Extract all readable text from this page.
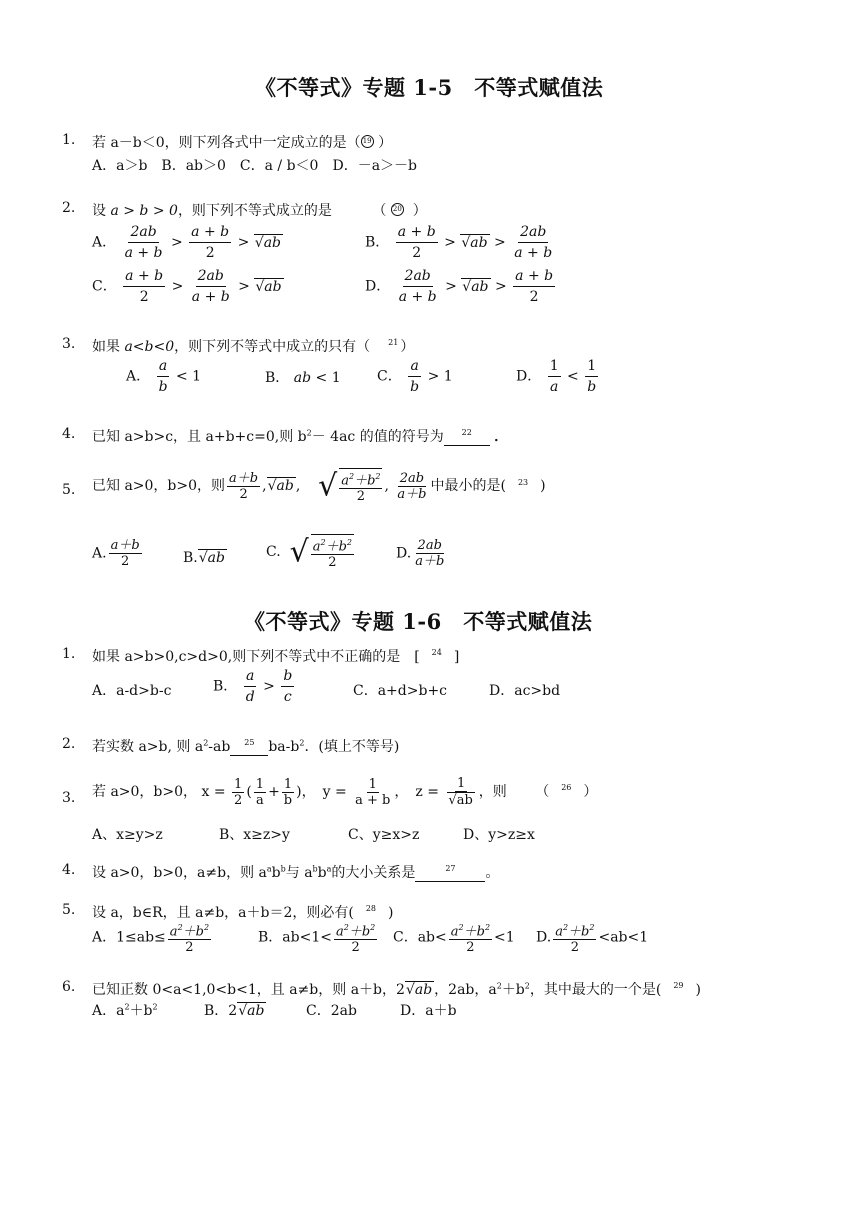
《不等式》专题 1-5　不等式赋值法
1. 若 a－b＜0，则下列各式中一定成立的是（ 19 ）
A．a＞b　B．ab＞0　C．a / b＜0　D．－a＞－b
2. 设 a > b > 0，则下列不等式成立的是	（ 20 ）
A． $\frac{2ab}{a + b} > \frac{a + b}{2}$ > √ ab	B． $\frac{a + b}{2}$ > √ ab > $\frac{2ab}{a + b}$
C． $\frac{a + b}{2} > \frac{2ab}{a + b}$ > √ ab	D． $\frac{2ab}{a + b}$ > √ ab > $\frac{a + b}{2}$
3. 如果 a<b<0，则下列不等式中成立的只有（ $^{21}$ ）
A． $\frac{a}{b} < 1$	B． ab < 1	C． $\frac{a}{b} > 1$	D． $\frac{1}{a} < \frac{1}{b}$
4. 已知 a>b>c，且 a+b+c=0,则 $b^2- 4ac$ 的值的符号为 $^{22}$ ．
5. 已知 a>0，b>0，则 $\frac{a+b}{2}$ , √ ab ,    √ $\frac{a^2+b^2}{2}$ , $\frac{2ab}{a+b}$ 中最小的是( $^{23}$ )
A. $\frac{a+b}{2}$	B. √ ab	C. √ $\frac{a^2+b^2}{2}$	D. $\frac{2ab}{a+b}$
《不等式》专题 1-6　不等式赋值法
1. 如果 a>b>0,c>d>0,则下列不等式中不正确的是　[ $^{24}$ ]
A．a-d>b-c	B． $\frac{a}{d} > \frac{b}{c}$	C．a+d>b+c	D．ac>bd
2. 若实数 a>b, 则 $a^2-ab$ $^{25}$ $ba-b^2$．(填上不等号)
3. 若 a>0，b>0， $x = \frac{1}{2}$ ( $\frac{1}{a} + \frac{1}{b}$ )，　$y = \frac{1}{a + b}$ ，　z = 1
√ ab ，则 （ $^{26}$ ）
A、x≥y>z	B、x≥z>y	C、y≥x>z	D、y>z≥x
4. 设 a>0，b>0，a≠b，则 $a^ab^b$与 $a^bb^a$的大小关系是	$^{27}$ 。
5. 设 a，b∈R，且 a≠b，a＋b＝2，则必有( $^{28}$ )
A．$1\le ab\le \frac{a^2+b^2}{2}$	B．$ab<1< \frac{a^2+b^2}{2}$ C．$ab< \frac{a^2+b^2}{2} <1$ D. $\frac{a^2+b^2}{2} <ab<1$
6. 已知正数 0<a<1,0<b<1，且 a≠b，则 a＋b，2 √ ab ，2ab，$a^2+b^2$，其中最大的一个是( $^{29}$ )
A．$a^2+b^2$	B．2 √ ab	C．2ab	D．a＋b
